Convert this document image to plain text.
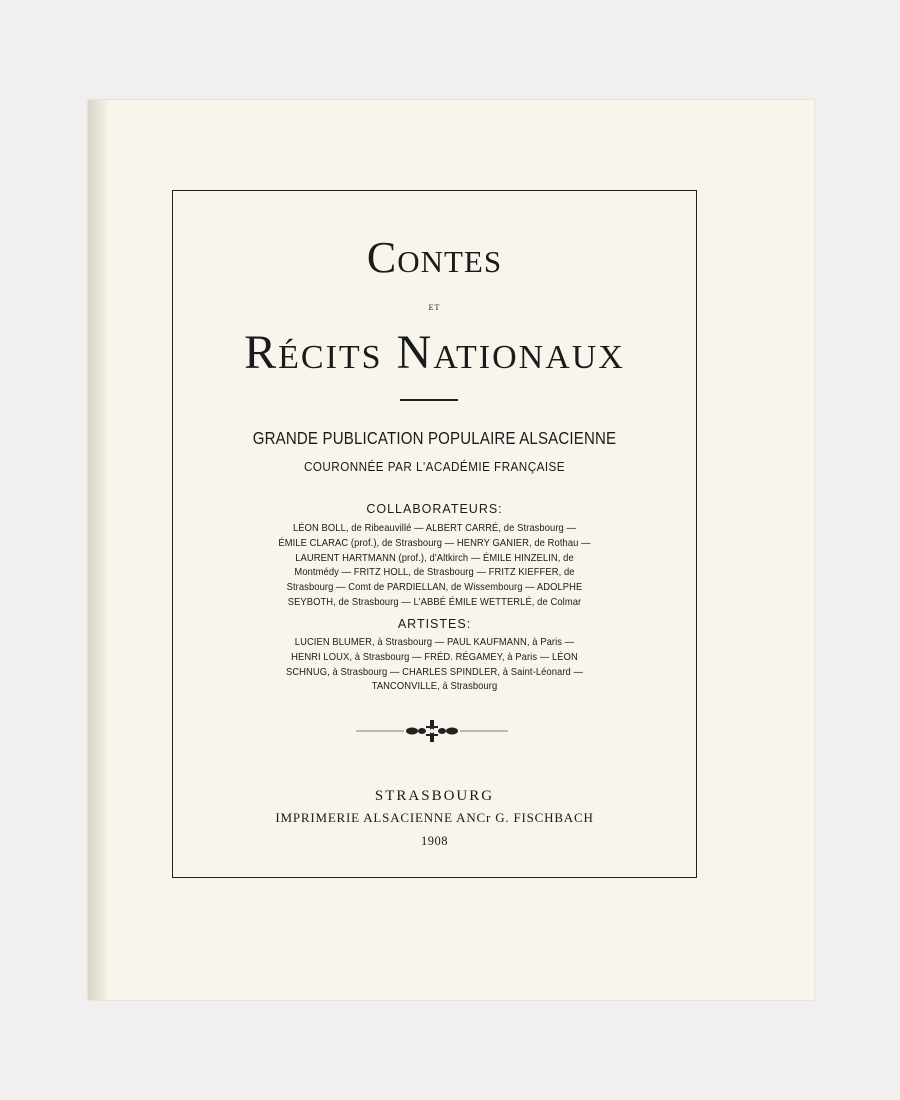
Contes
ET
Récits Nationaux
GRANDE PUBLICATION POPULAIRE ALSACIENNE
COURONNÉE PAR L'ACADÉMIE FRANÇAISE
COLLABORATEURS:
LÉON BOLL, de Ribeauvillé — ALBERT CARRÉ, de Strasbourg —
ÉMILE CLARAC (prof.), de Strasbourg — HENRY GANIER, de Rothau —
LAURENT HARTMANN (prof.), d'Altkirch — ÉMILE HINZELIN, de
Montmédy — FRITZ HOLL, de Strasbourg — FRITZ KIEFFER, de
Strasbourg — Comt de PARDIELLAN, de Wissembourg — ADOLPHE
SEYBOTH, de Strasbourg — L'ABBÉ ÉMILE WETTERLÉ, de Colmar
ARTISTES:
LUCIEN BLUMER, à Strasbourg — PAUL KAUFMANN, à Paris —
HENRI LOUX, à Strasbourg — FRÉD. RÉGAMEY, à Paris — LÉON
SCHNUG, à Strasbourg — CHARLES SPINDLER, à Saint-Léonard —
TANCONVILLE, à Strasbourg
STRASBOURG
IMPRIMERIE ALSACIENNE ANCr G. FISCHBACH
1908
